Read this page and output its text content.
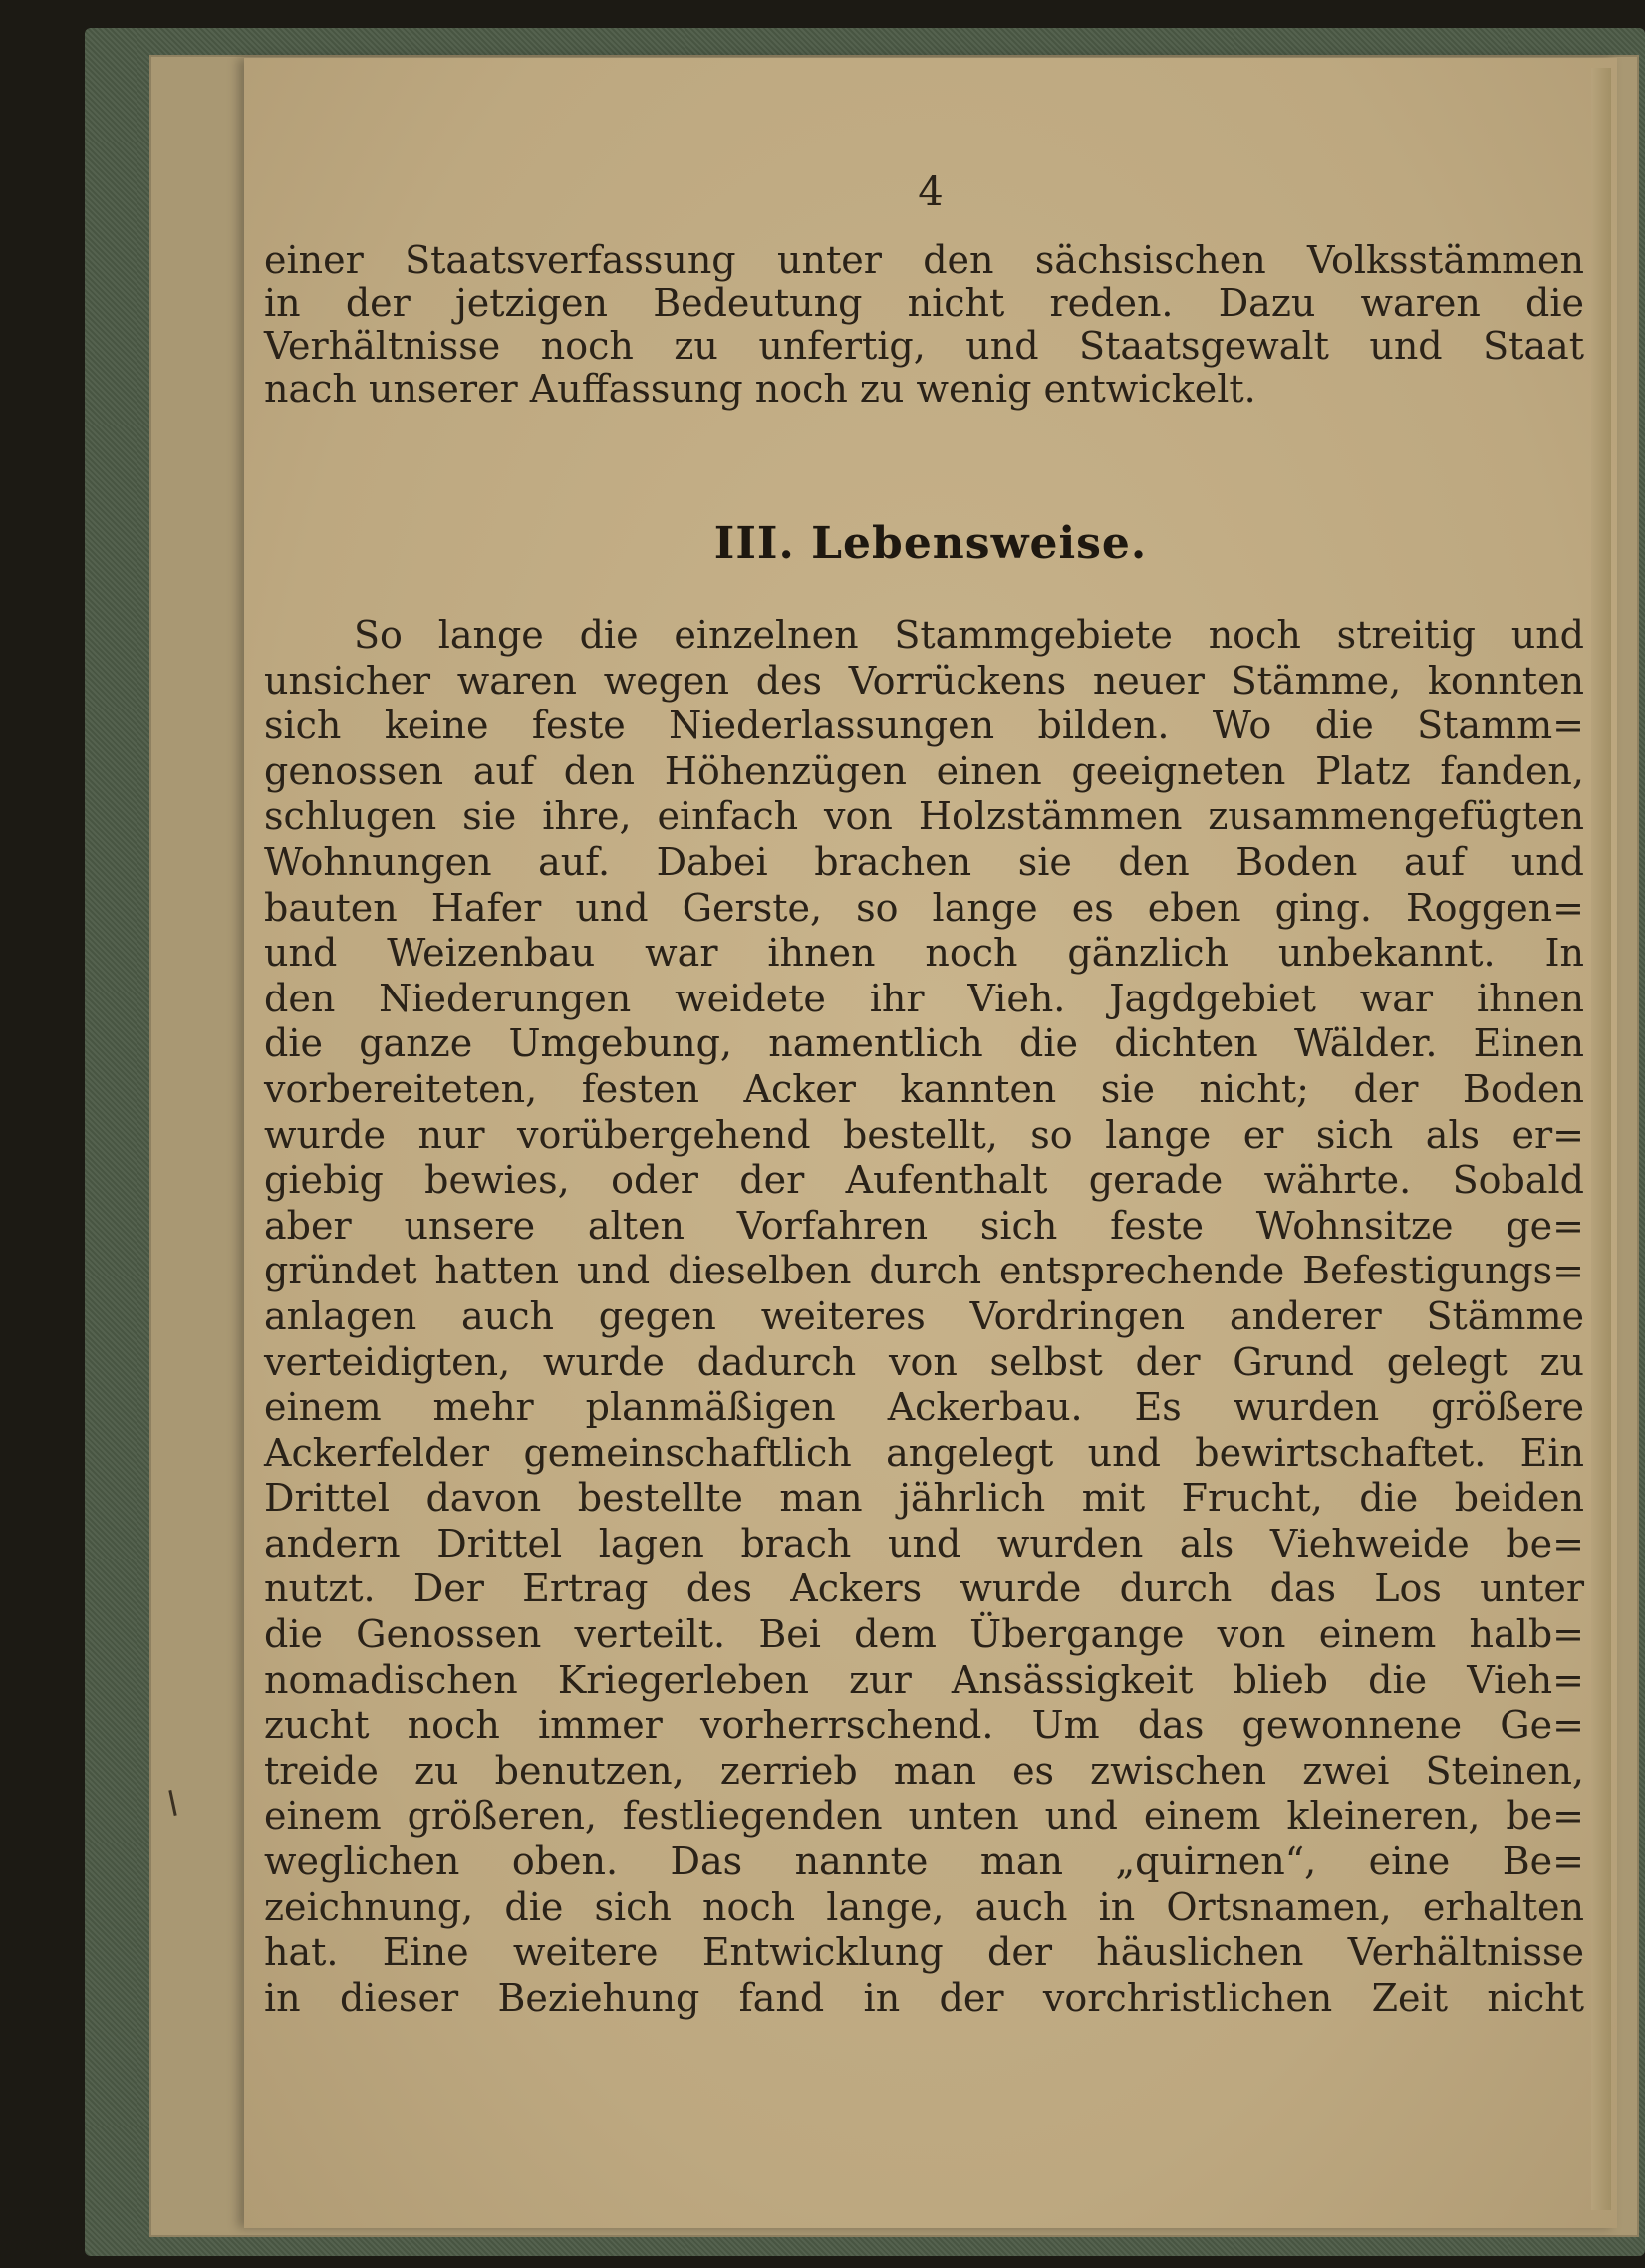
4
einer Staatsverfassung unter den sächsischen Volksstämmen
in der jetzigen Bedeutung nicht reden. Dazu waren die
Verhältnisse noch zu unfertig, und Staatsgewalt und Staat
nach unserer Auffassung noch zu wenig entwickelt.
III. Lebensweise.
So lange die einzelnen Stammgebiete noch streitig und
unsicher waren wegen des Vorrückens neuer Stämme, konnten
sich keine feste Niederlassungen bilden. Wo die Stamm=
genossen auf den Höhenzügen einen geeigneten Platz fanden,
schlugen sie ihre, einfach von Holzstämmen zusammengefügten
Wohnungen auf. Dabei brachen sie den Boden auf und
bauten Hafer und Gerste, so lange es eben ging. Roggen=
und Weizenbau war ihnen noch gänzlich unbekannt. In
den Niederungen weidete ihr Vieh. Jagdgebiet war ihnen
die ganze Umgebung, namentlich die dichten Wälder. Einen
vorbereiteten, festen Acker kannten sie nicht; der Boden
wurde nur vorübergehend bestellt, so lange er sich als er=
giebig bewies, oder der Aufenthalt gerade währte. Sobald
aber unsere alten Vorfahren sich feste Wohnsitze ge=
gründet hatten und dieselben durch entsprechende Befestigungs=
anlagen auch gegen weiteres Vordringen anderer Stämme
verteidigten, wurde dadurch von selbst der Grund gelegt zu
einem mehr planmäßigen Ackerbau. Es wurden größere
Ackerfelder gemeinschaftlich angelegt und bewirtschaftet. Ein
Drittel davon bestellte man jährlich mit Frucht, die beiden
andern Drittel lagen brach und wurden als Viehweide be=
nutzt. Der Ertrag des Ackers wurde durch das Los unter
die Genossen verteilt. Bei dem Übergange von einem halb=
nomadischen Kriegerleben zur Ansässigkeit blieb die Vieh=
zucht noch immer vorherrschend. Um das gewonnene Ge=
treide zu benutzen, zerrieb man es zwischen zwei Steinen,
einem größeren, festliegenden unten und einem kleineren, be=
weglichen oben. Das nannte man „quirnen“, eine Be=
zeichnung, die sich noch lange, auch in Ortsnamen, erhalten
hat. Eine weitere Entwicklung der häuslichen Verhältnisse
in dieser Beziehung fand in der vorchristlichen Zeit nicht
